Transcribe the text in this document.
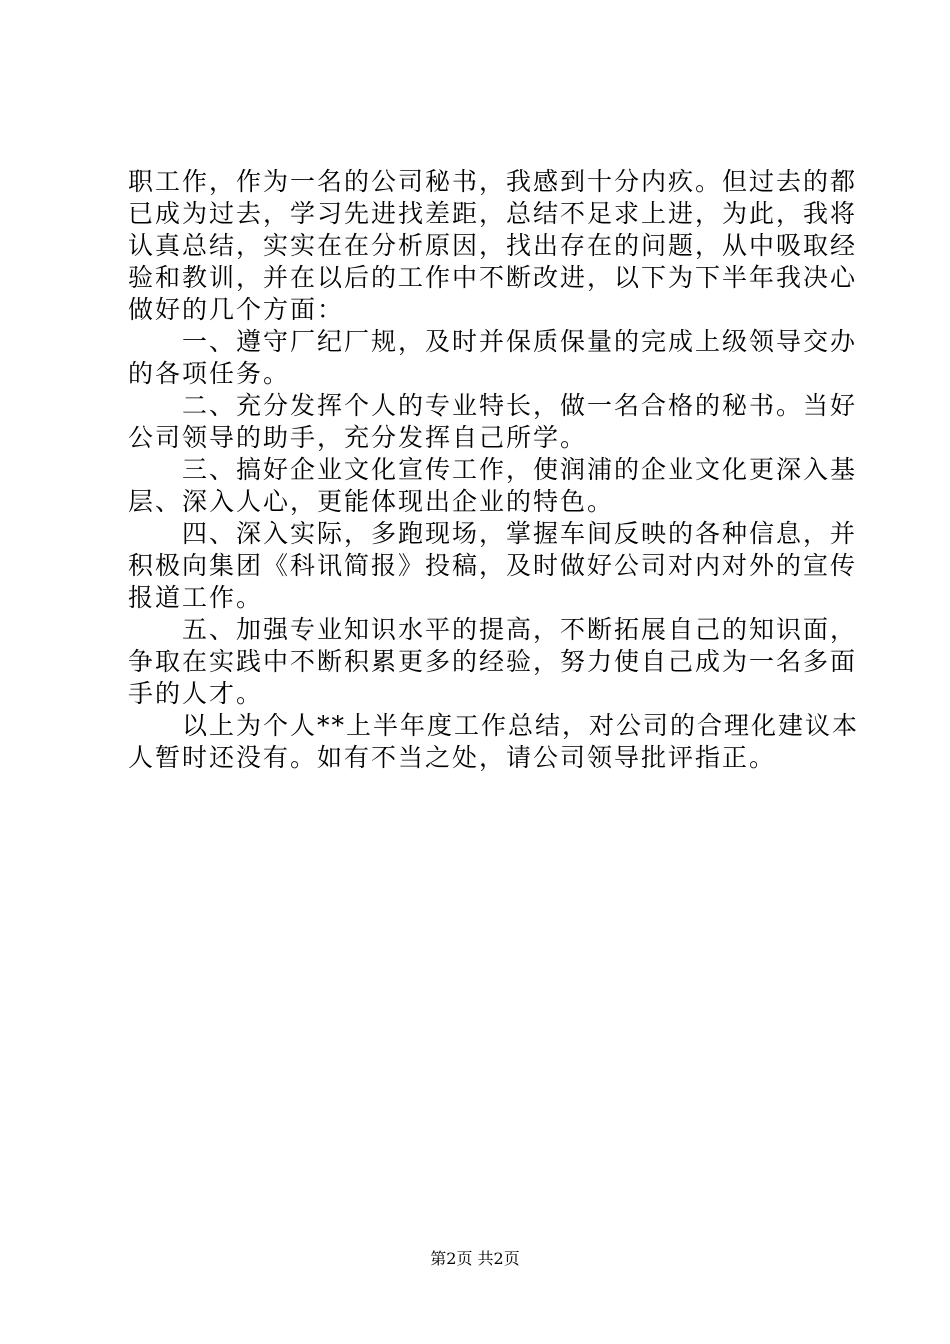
职工作，作为一名的公司秘书，我感到十分内疚。但过去的都
已成为过去，学习先进找差距，总结不足求上进，为此，我将
认真总结，实实在在分析原因，找出存在的问题，从中吸取经
验和教训，并在以后的工作中不断改进，以下为下半年我决心
做好的几个方面：
　　一、遵守厂纪厂规，及时并保质保量的完成上级领导交办
的各项任务。
　　二、充分发挥个人的专业特长，做一名合格的秘书。当好
公司领导的助手，充分发挥自己所学。
　　三、搞好企业文化宣传工作，使润浦的企业文化更深入基
层、深入人心，更能体现出企业的特色。
　　四、深入实际，多跑现场，掌握车间反映的各种信息，并
积极向集团《科讯简报》投稿，及时做好公司对内对外的宣传
报道工作。
　　五、加强专业知识水平的提高，不断拓展自己的知识面，
争取在实践中不断积累更多的经验，努力使自己成为一名多面
手的人才。
　　以上为个人**上半年度工作总结，对公司的合理化建议本
人暂时还没有。如有不当之处，请公司领导批评指正。
第2页 共2页
